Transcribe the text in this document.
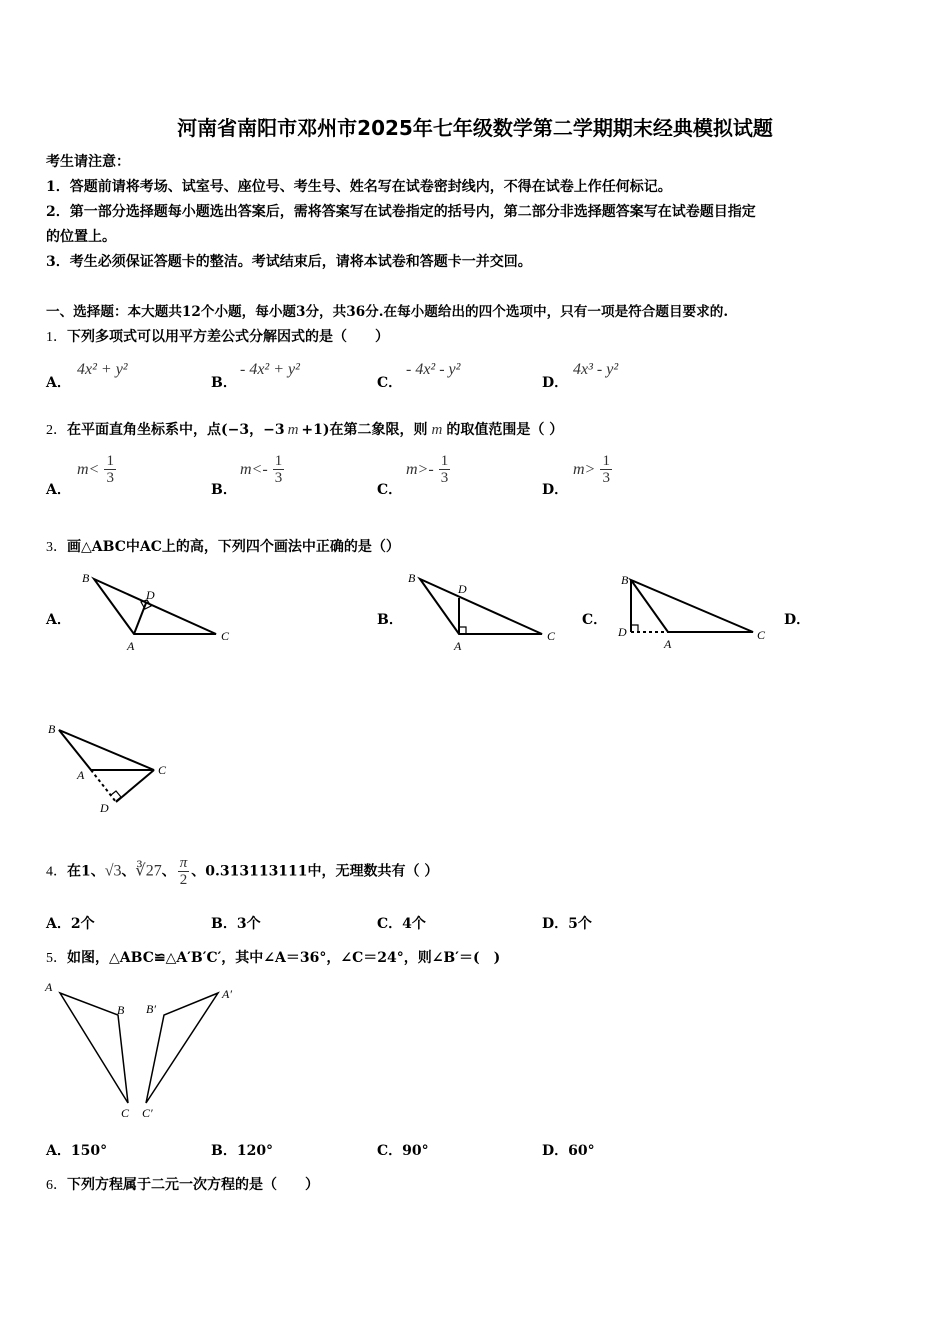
河南省南阳市邓州市2025年七年级数学第二学期期末经典模拟试题
考生请注意：
1．答题前请将考场、试室号、座位号、考生号、姓名写在试卷密封线内，不得在试卷上作任何标记。
2．第一部分选择题每小题选出答案后，需将答案写在试卷指定的括号内，第二部分非选择题答案写在试卷题目指定
的位置上。
3．考生必须保证答题卡的整洁。考试结束后，请将本试卷和答题卡一并交回。
一、选择题：本大题共12个小题，每小题3分，共36分.在每小题给出的四个选项中，只有一项是符合题目要求的.
1．下列多项式可以用平方差公式分解因式的是（　　）
A．
4x² + y²
B．
- 4x² + y²
C．
- 4x² - y²
D．
4x³ - y²
2．在平面直角坐标系中，点(−3，−3 m +1)在第二象限，则 m 的取值范围是（ ）
A．
$m< \frac{1}{3}$
B．
$m<- \frac{1}{3}$
C．
$m>- \frac{1}{3}$
D．
$m> \frac{1}{3}$
3．画△ABC中AC上的高，下列四个画法中正确的是（）
A．
B
D
A
C
B．
B
D
A
C
C．
B
D
A
C
D．
B
A	C
D
4．在1、√3、∛27、 $\frac{\pi}{2}$ 、0.313113111中，无理数共有（ ）
A．2个	B．3个	C．4个	D．5个
5．如图，△ABC≌△A′B′C′，其中∠A＝36°，∠C＝24°，则∠B′＝(　)
A
B
C
A′
B′
C′
A．150°	B．120°	C．90°	D．60°
6．下列方程属于二元一次方程的是（　　）
